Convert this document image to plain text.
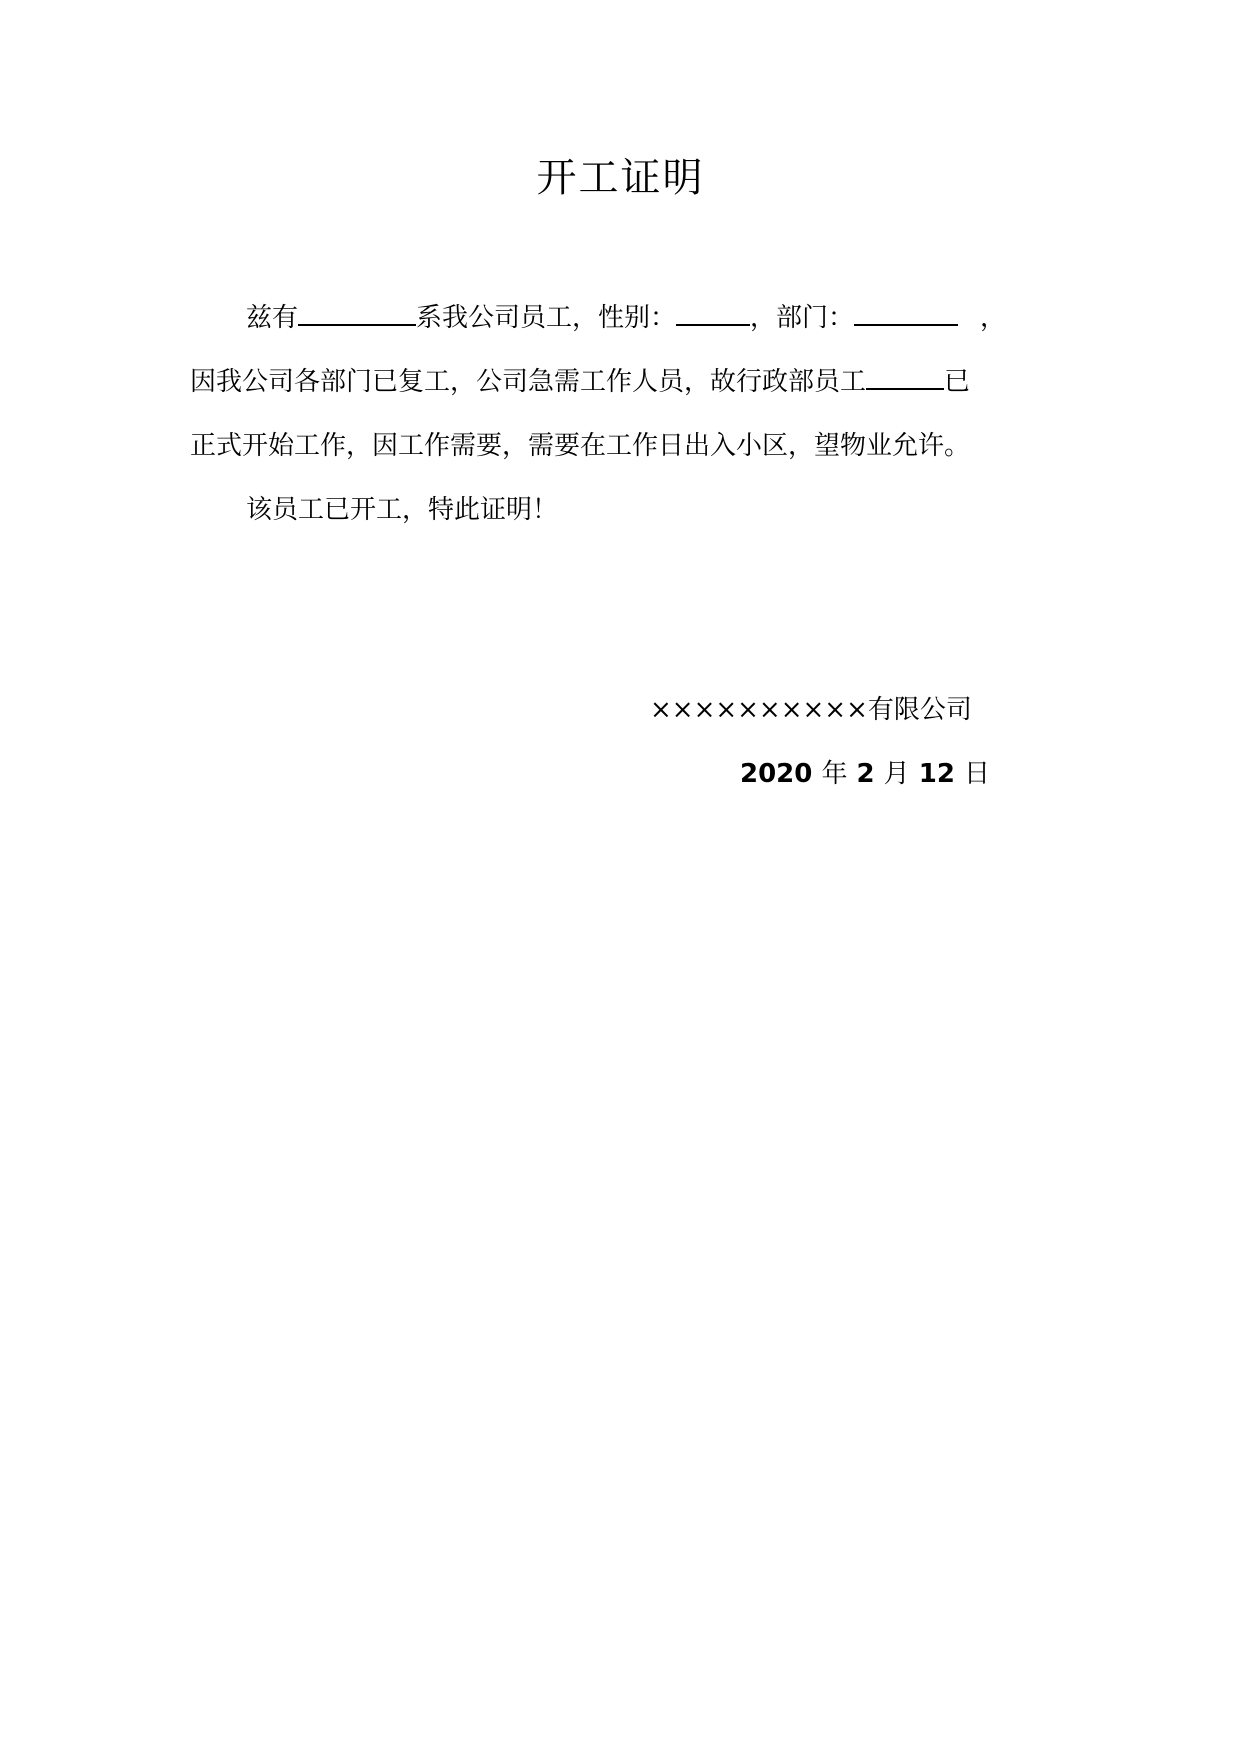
开工证明
兹有	系我公司员工，性别：	，部门：	，
因我公司各部门已复工，公司急需工作人员，故行政部员工	已
正式开始工作，因工作需要，需要在工作日出入小区，望物业允许。
该员工已开工，特此证明！
××××××××××有限公司
2020 年 2 月 12 日
